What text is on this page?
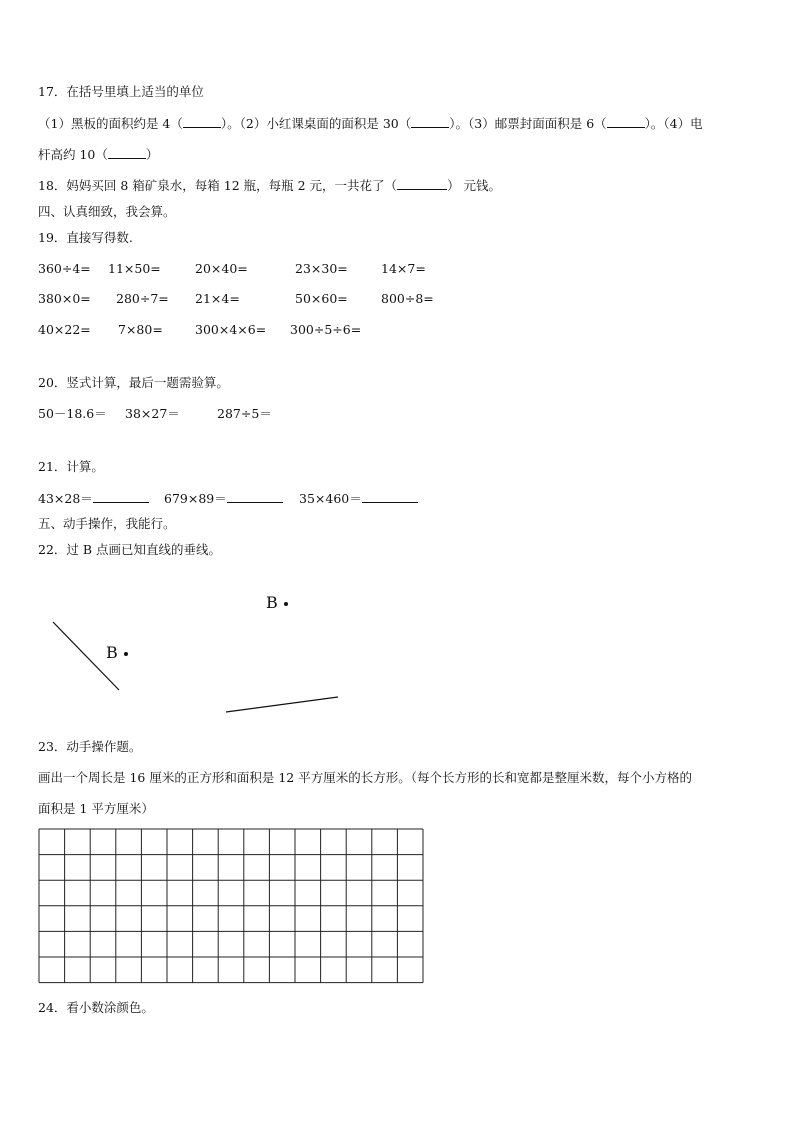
17．在括号里填上适当的单位
（1）黑板的面积约是 4（	）。（2）小红课桌面的面积是 30（	）。（3）邮票封面面积是 6（	）。（4）电
杆高约 10（	）
18．妈妈买回 8 箱矿泉水，每箱 12 瓶，每瓶 2 元，一共花了（	） 元钱。
四、认真细致，我会算。
19．直接写得数.
360÷4= 11×50=	20×40=	23×30=	14×7=
380×0= 280÷7= 21×4=	50×60=	800÷8=
40×22= 7×80=	300×4×6= 300÷5÷6=
20．竖式计算，最后一题需验算。
50－18.6＝ 38×27＝	287÷5＝
21．计算。
43×28＝	679×89＝	35×460＝
五、动手操作，我能行。
22．过 B 点画已知直线的垂线。
B
B
23．动手操作题。
画出一个周长是 16 厘米的正方形和面积是 12 平方厘米的长方形。（每个长方形的长和宽都是整厘米数，每个小方格的
面积是 1 平方厘米）
24．看小数涂颜色。
